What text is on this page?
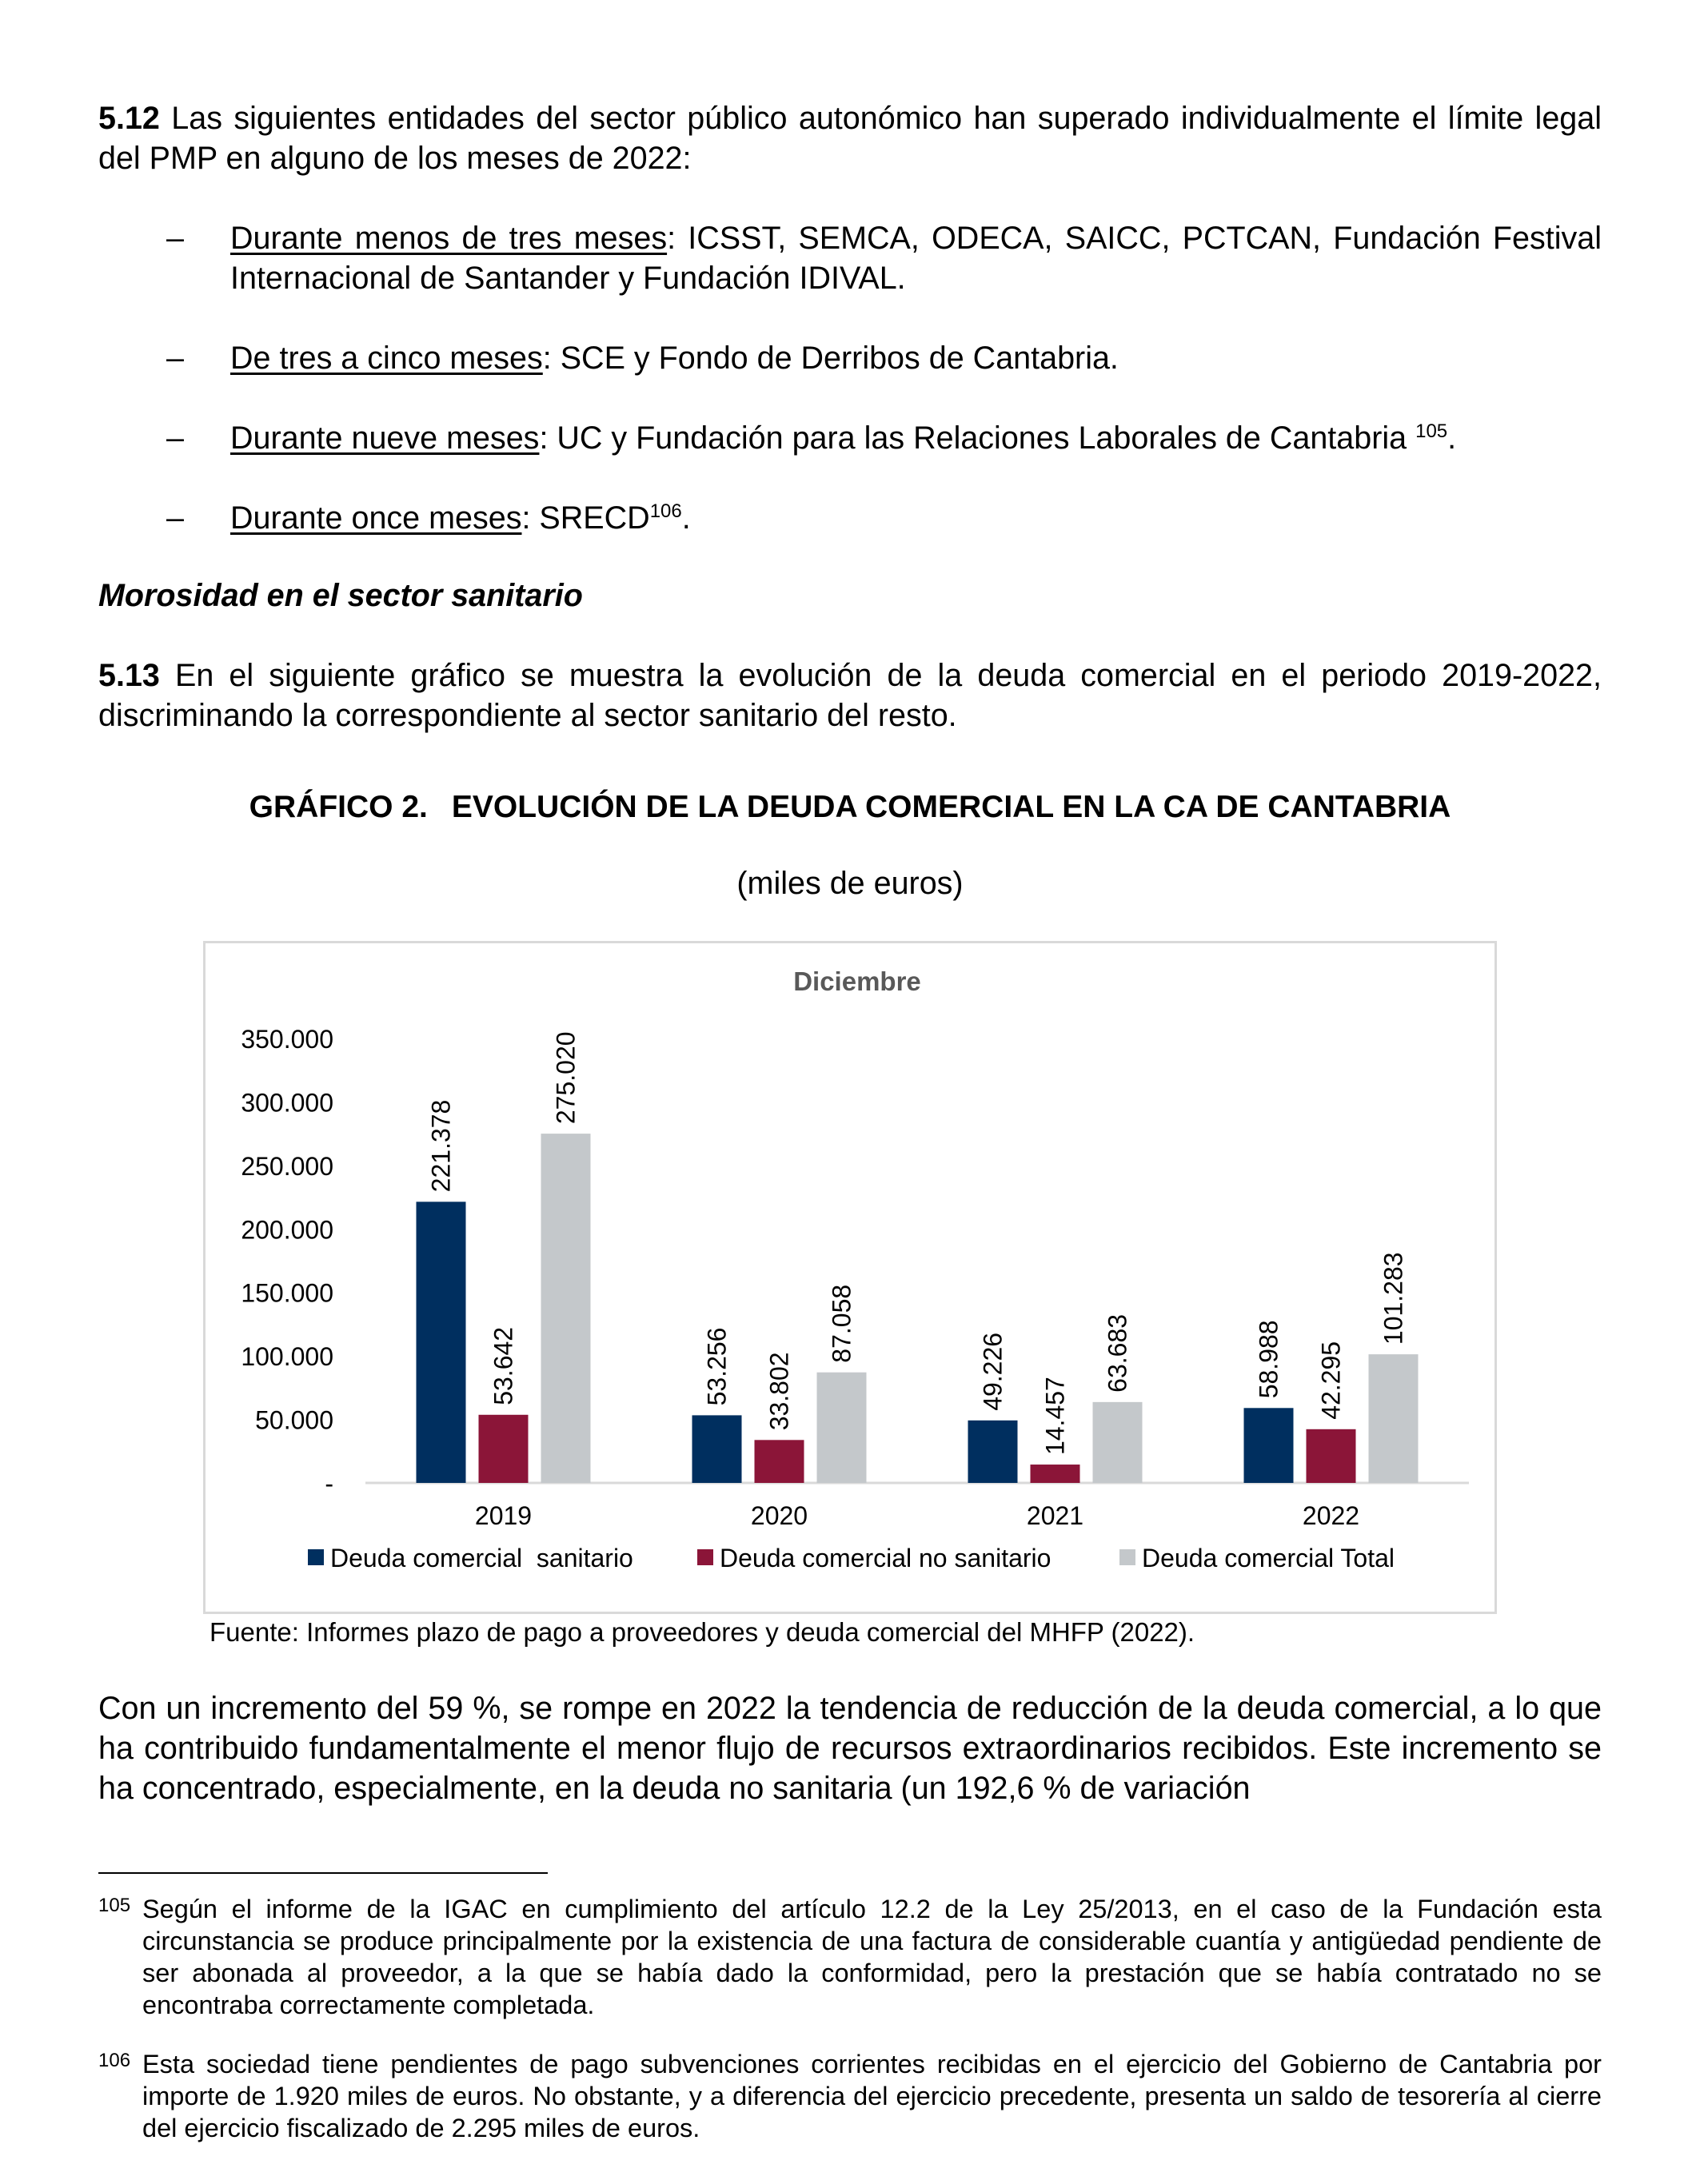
5.12 Las siguientes entidades del sector público autonómico han superado individualmente el límite legal del PMP en alguno de los meses de 2022:
– Durante menos de tres meses: ICSST, SEMCA, ODECA, SAICC, PCTCAN, Fundación Festival Internacional de Santander y Fundación IDIVAL.
– De tres a cinco meses: SCE y Fondo de Derribos de Cantabria.
– Durante nueve meses: UC y Fundación para las Relaciones Laborales de Cantabria $^{105}$.
– Durante once meses: SRECD$^{106}$.
Morosidad en el sector sanitario
5.13 En el siguiente gráfico se muestra la evolución de la deuda comercial en el periodo 2019-2022, discriminando la correspondiente al sector sanitario del resto.
GRÁFICO 2. EVOLUCIÓN DE LA DEUDA COMERCIAL EN LA CA DE CANTABRIA
(miles de euros)
Diciembre
-
50.000
100.000
150.000
200.000
250.000
300.000
350.000
221.378
53.642
275.020
2019
53.256 33.802
87.058
2020
49.226
14.457
63.683
2021
58.988 42.295
101.283
2022
Deuda comercial  sanitario	Deuda comercial no sanitario	Deuda comercial Total
Fuente: Informes plazo de pago a proveedores y deuda comercial del MHFP (2022).
Con un incremento del 59 %, se rompe en 2022 la tendencia de reducción de la deuda comercial, a lo que ha contribuido fundamentalmente el menor flujo de recursos extraordinarios recibidos. Este incremento se ha concentrado, especialmente, en la deuda no sanitaria (un 192,6 % de variación
105 Según el informe de la IGAC en cumplimiento del artículo 12.2 de la Ley 25/2013, en el caso de la Fundación esta circunstancia se produce principalmente por la existencia de una factura de considerable cuantía y antigüedad pendiente de ser abonada al proveedor, a la que se había dado la conformidad, pero la prestación que se había contratado no se encontraba correctamente completada.
106 Esta sociedad tiene pendientes de pago subvenciones corrientes recibidas en el ejercicio del Gobierno de Cantabria por importe de 1.920 miles de euros. No obstante, y a diferencia del ejercicio precedente, presenta un saldo de tesorería al cierre del ejercicio fiscalizado de 2.295 miles de euros.
